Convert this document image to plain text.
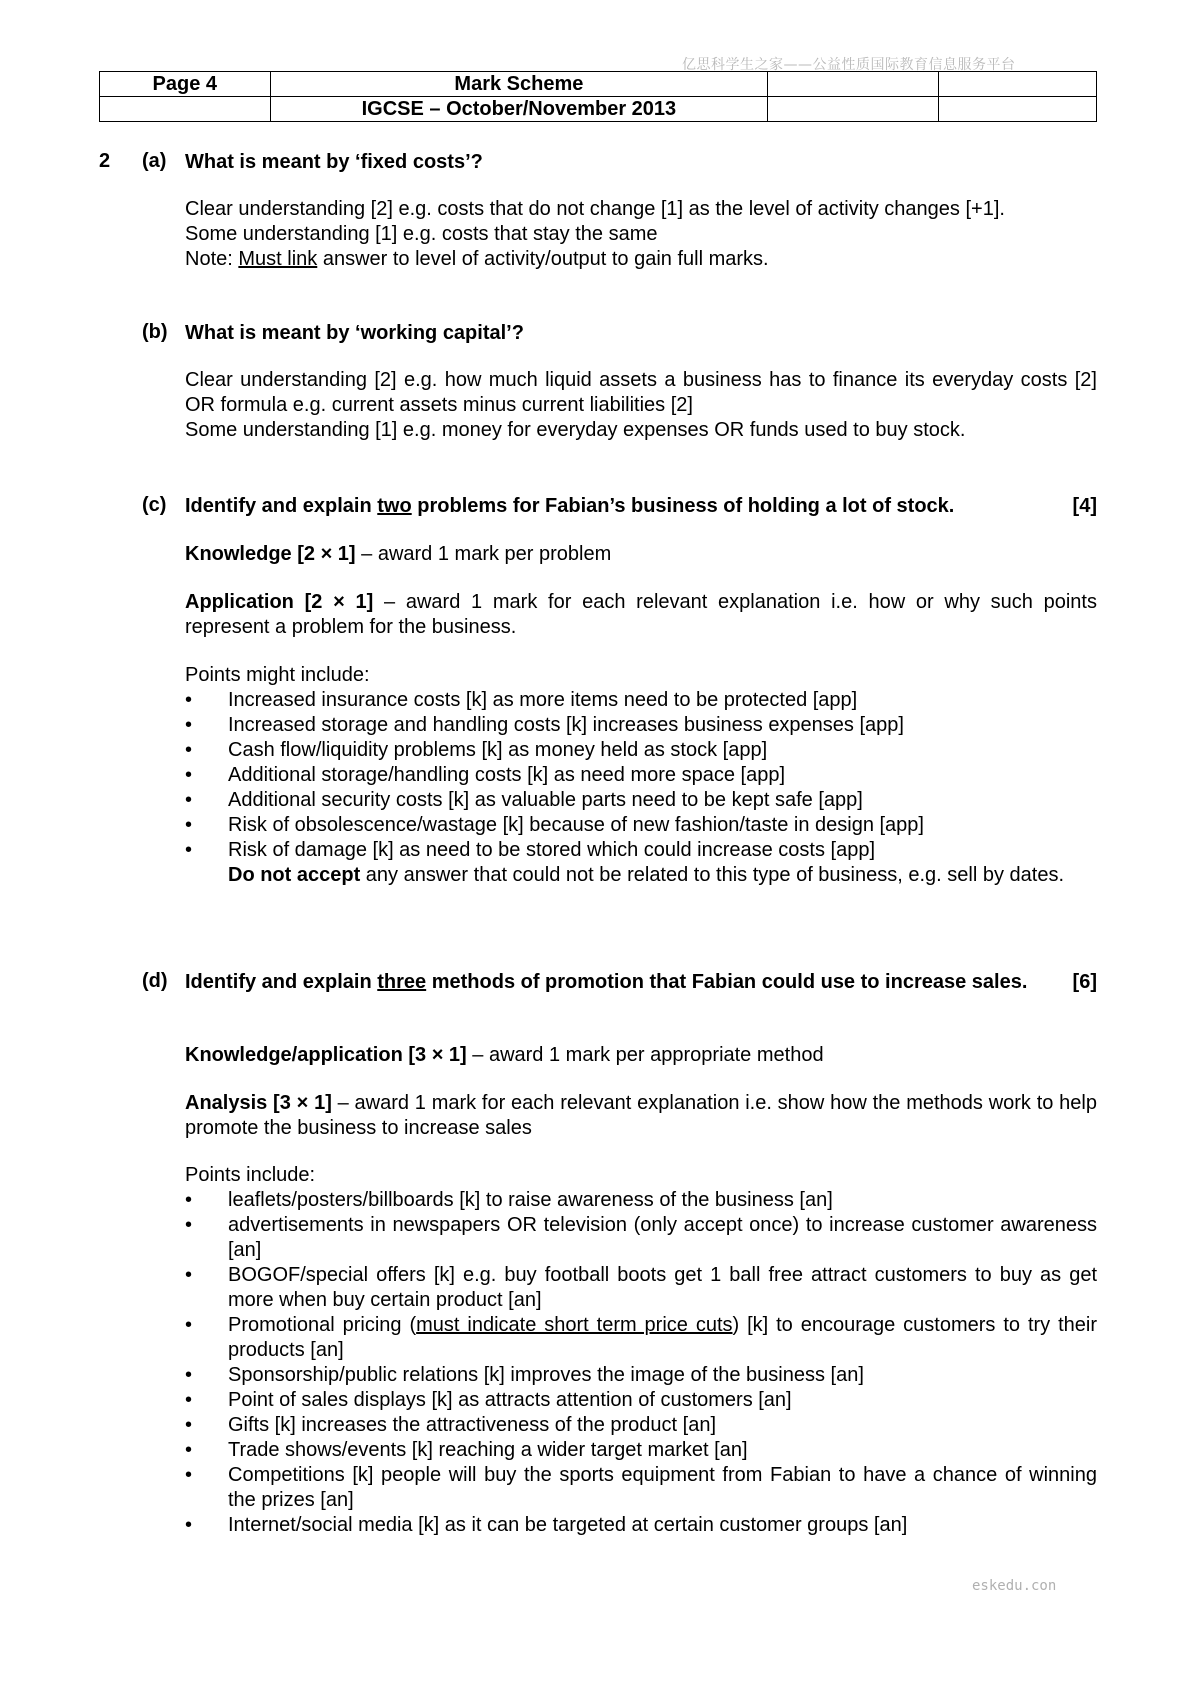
亿思科学生之家——公益性质国际教育信息服务平台
Page 4	Mark Scheme		
	IGCSE – October/November 2013		
2 (a) What is meant by ‘fixed costs’?
Clear understanding [2] e.g. costs that do not change [1] as the level of activity changes [+1].
Some understanding [1] e.g. costs that stay the same
Note: Must link answer to level of activity/output to gain full marks.
(b) What is meant by ‘working capital’?
Clear understanding [2] e.g. how much liquid assets a business has to finance its everyday costs [2] OR formula e.g. current assets minus current liabilities [2]
Some understanding [1] e.g. money for everyday expenses OR funds used to buy stock.
(c) Identify and explain two problems for Fabian’s business of holding a lot of stock.	[4]
Knowledge [2 × 1] – award 1 mark per problem
Application [2 × 1] – award 1 mark for each relevant explanation i.e. how or why such points represent a problem for the business.
Points might include:
• Increased insurance costs [k] as more items need to be protected [app]
• Increased storage and handling costs [k] increases business expenses [app]
• Cash flow/liquidity problems [k] as money held as stock [app]
• Additional storage/handling costs [k] as need more space [app]
• Additional security costs [k] as valuable parts need to be kept safe [app]
• Risk of obsolescence/wastage [k] because of new fashion/taste in design [app]
• Risk of damage [k] as need to be stored which could increase costs [app]
Do not accept any answer that could not be related to this type of business, e.g. sell by dates.
(d) Identify and explain three methods of promotion that Fabian could use to increase sales. [6]
Knowledge/application [3 × 1] – award 1 mark per appropriate method
Analysis [3 × 1] – award 1 mark for each relevant explanation i.e. show how the methods work to help promote the business to increase sales
Points include:
• leaflets/posters/billboards [k] to raise awareness of the business [an]
• advertisements in newspapers OR television (only accept once) to increase customer awareness [an]
• BOGOF/special offers [k] e.g. buy football boots get 1 ball free attract customers to buy as get more when buy certain product [an]
• Promotional pricing (must indicate short term price cuts) [k] to encourage customers to try their products [an]
• Sponsorship/public relations [k] improves the image of the business [an]
• Point of sales displays [k] as attracts attention of customers [an]
• Gifts [k] increases the attractiveness of the product [an]
• Trade shows/events [k] reaching a wider target market [an]
• Competitions [k] people will buy the sports equipment from Fabian to have a chance of winning the prizes [an]
• Internet/social media [k] as it can be targeted at certain customer groups [an]
eskedu.con
